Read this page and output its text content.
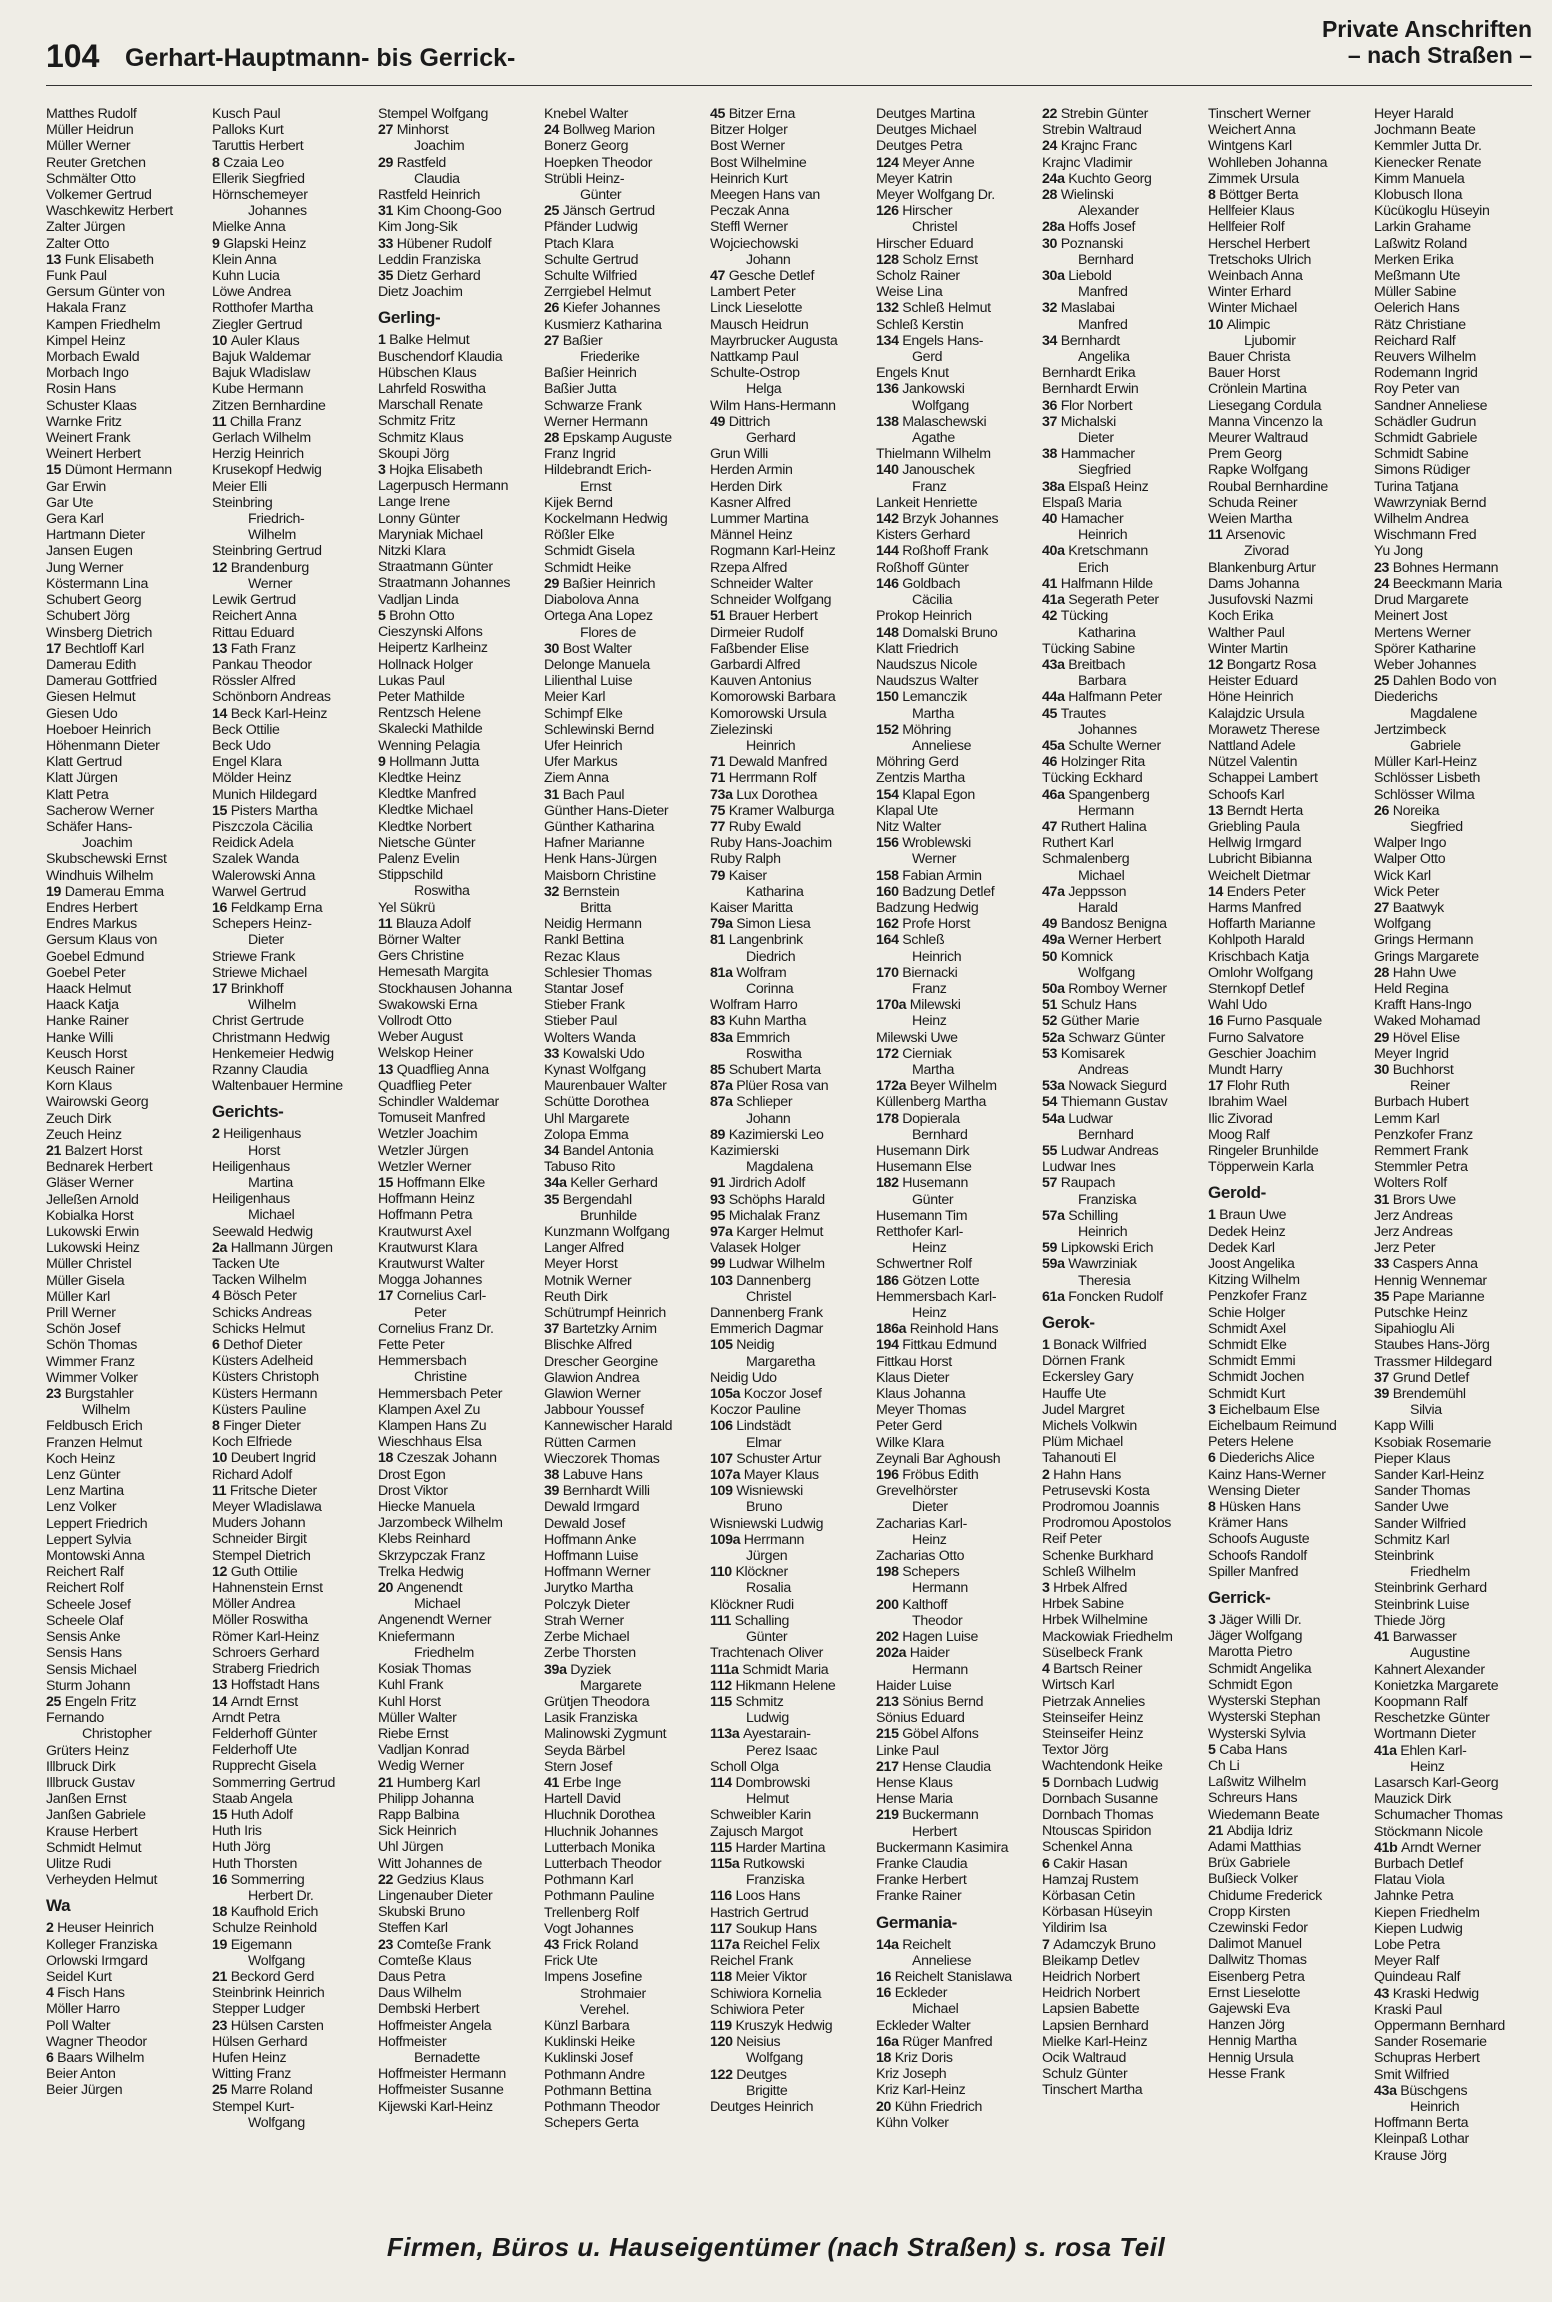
104 Gerhart-Hauptmann- bis Gerrick-
Private Anschriften
– nach Straßen –
Matthes Rudolf
Müller Heidrun
Müller Werner
Reuter Gretchen
Schmälter Otto
Volkemer Gertrud
Waschkewitz Herbert
Zalter Jürgen
Zalter Otto
13 Funk Elisabeth
Funk Paul
Gersum Günter von
Hakala Franz
Kampen Friedhelm
Kimpel Heinz
Morbach Ewald
Morbach Ingo
Rosin Hans
Schuster Klaas
Warnke Fritz
Weinert Frank
Weinert Herbert
15 Dümont Hermann
Gar Erwin
Gar Ute
Gera Karl
Hartmann Dieter
Jansen Eugen
Jung Werner
Köstermann Lina
Schubert Georg
Schubert Jörg
Winsberg Dietrich
17 Bechtloff Karl
Damerau Edith
Damerau Gottfried
Giesen Helmut
Giesen Udo
Hoeboer Heinrich
Höhenmann Dieter
Klatt Gertrud
Klatt Jürgen
Klatt Petra
Sacherow Werner
Schäfer Hans-
Joachim
Skubschewski Ernst
Windhuis Wilhelm
19 Damerau Emma
Endres Herbert
Endres Markus
Gersum Klaus von
Goebel Edmund
Goebel Peter
Haack Helmut
Haack Katja
Hanke Rainer
Hanke Willi
Keusch Horst
Keusch Rainer
Korn Klaus
Wairowski Georg
Zeuch Dirk
Zeuch Heinz
21 Balzert Horst
Bednarek Herbert
Gläser Werner
Jelleßen Arnold
Kobialka Horst
Lukowski Erwin
Lukowski Heinz
Müller Christel
Müller Gisela
Müller Karl
Prill Werner
Schön Josef
Schön Thomas
Wimmer Franz
Wimmer Volker
23 Burgstahler
Wilhelm
Feldbusch Erich
Franzen Helmut
Koch Heinz
Lenz Günter
Lenz Martina
Lenz Volker
Leppert Friedrich
Leppert Sylvia
Montowski Anna
Reichert Ralf
Reichert Rolf
Scheele Josef
Scheele Olaf
Sensis Anke
Sensis Hans
Sensis Michael
Sturm Johann
25 Engeln Fritz
Fernando
Christopher
Grüters Heinz
Illbruck Dirk
Illbruck Gustav
Janßen Ernst
Janßen Gabriele
Krause Herbert
Schmidt Helmut
Ulitze Rudi
Verheyden Helmut
Wa
2 Heuser Heinrich
Kolleger Franziska
Orlowski Irmgard
Seidel Kurt
4 Fisch Hans
Möller Harro
Poll Walter
Wagner Theodor
6 Baars Wilhelm
Beier Anton
Beier Jürgen
Kusch Paul
Palloks Kurt
Taruttis Herbert
8 Czaia Leo
Ellerik Siegfried
Hörnschemeyer
Johannes
Mielke Anna
9 Glapski Heinz
Klein Anna
Kuhn Lucia
Löwe Andrea
Rotthofer Martha
Ziegler Gertrud
10 Auler Klaus
Bajuk Waldemar
Bajuk Wladislaw
Kube Hermann
Zitzen Bernhardine
11 Chilla Franz
Gerlach Wilhelm
Herzig Heinrich
Krusekopf Hedwig
Meier Elli
Steinbring
Friedrich-
Wilhelm
Steinbring Gertrud
12 Brandenburg
Werner
Lewik Gertrud
Reichert Anna
Rittau Eduard
13 Fath Franz
Pankau Theodor
Rössler Alfred
Schönborn Andreas
14 Beck Karl-Heinz
Beck Ottilie
Beck Udo
Engel Klara
Mölder Heinz
Munich Hildegard
15 Pisters Martha
Piszczola Cäcilia
Reidick Adela
Szalek Wanda
Walerowski Anna
Warwel Gertrud
16 Feldkamp Erna
Schepers Heinz-
Dieter
Striewe Frank
Striewe Michael
17 Brinkhoff
Wilhelm
Christ Gertrude
Christmann Hedwig
Henkemeier Hedwig
Rzanny Claudia
Waltenbauer Hermine
Gerichts-
2 Heiligenhaus
Horst
Heiligenhaus
Martina
Heiligenhaus
Michael
Seewald Hedwig
2a Hallmann Jürgen
Tacken Ute
Tacken Wilhelm
4 Bösch Peter
Schicks Andreas
Schicks Helmut
6 Dethof Dieter
Küsters Adelheid
Küsters Christoph
Küsters Hermann
Küsters Pauline
8 Finger Dieter
Koch Elfriede
10 Deubert Ingrid
Richard Adolf
11 Fritsche Dieter
Meyer Wladislawa
Muders Johann
Schneider Birgit
Stempel Dietrich
12 Guth Ottilie
Hahnenstein Ernst
Möller Andrea
Möller Roswitha
Römer Karl-Heinz
Schroers Gerhard
Straberg Friedrich
13 Hoffstadt Hans
14 Arndt Ernst
Arndt Petra
Felderhoff Günter
Felderhoff Ute
Rupprecht Gisela
Sommerring Gertrud
Staab Angela
15 Huth Adolf
Huth Iris
Huth Jörg
Huth Thorsten
16 Sommerring
Herbert Dr.
18 Kaufhold Erich
Schulze Reinhold
19 Eigemann
Wolfgang
21 Beckord Gerd
Steinbrink Heinrich
Stepper Ludger
23 Hülsen Carsten
Hülsen Gerhard
Hufen Heinz
Witting Franz
25 Marre Roland
Stempel Kurt-
Wolfgang
Stempel Wolfgang
27 Minhorst
Joachim
29 Rastfeld
Claudia
Rastfeld Heinrich
31 Kim Choong-Goo
Kim Jong-Sik
33 Hübener Rudolf
Leddin Franziska
35 Dietz Gerhard
Dietz Joachim
Gerling-
1 Balke Helmut
Buschendorf Klaudia
Hübschen Klaus
Lahrfeld Roswitha
Marschall Renate
Schmitz Fritz
Schmitz Klaus
Skoupi Jörg
3 Hojka Elisabeth
Lagerpusch Hermann
Lange Irene
Lonny Günter
Maryniak Michael
Nitzki Klara
Straatmann Günter
Straatmann Johannes
Vadljan Linda
5 Brohn Otto
Cieszynski Alfons
Heipertz Karlheinz
Hollnack Holger
Lukas Paul
Peter Mathilde
Rentzsch Helene
Skalecki Mathilde
Wenning Pelagia
9 Hollmann Jutta
Kledtke Heinz
Kledtke Manfred
Kledtke Michael
Kledtke Norbert
Nietsche Günter
Palenz Evelin
Stippschild
Roswitha
Yel Sükrü
11 Blauza Adolf
Börner Walter
Gers Christine
Hemesath Margita
Stockhausen Johanna
Swakowski Erna
Vollrodt Otto
Weber August
Welskop Heiner
13 Quadflieg Anna
Quadflieg Peter
Schindler Waldemar
Tomuseit Manfred
Wetzler Joachim
Wetzler Jürgen
Wetzler Werner
15 Hoffmann Elke
Hoffmann Heinz
Hoffmann Petra
Krautwurst Axel
Krautwurst Klara
Krautwurst Walter
Mogga Johannes
17 Cornelius Carl-
Peter
Cornelius Franz Dr.
Fette Peter
Hemmersbach
Christine
Hemmersbach Peter
Klampen Axel Zu
Klampen Hans Zu
Wieschhaus Elsa
18 Czeszak Johann
Drost Egon
Drost Viktor
Hiecke Manuela
Jarzombeck Wilhelm
Klebs Reinhard
Skrzypczak Franz
Trelka Hedwig
20 Angenendt
Michael
Angenendt Werner
Kniefermann
Friedhelm
Kosiak Thomas
Kuhl Frank
Kuhl Horst
Müller Walter
Riebe Ernst
Vadljan Konrad
Wedig Werner
21 Humberg Karl
Philipp Johanna
Rapp Balbina
Sick Heinrich
Uhl Jürgen
Witt Johannes de
22 Gedzius Klaus
Lingenauber Dieter
Skubski Bruno
Steffen Karl
23 Comteße Frank
Comteße Klaus
Daus Petra
Daus Wilhelm
Dembski Herbert
Hoffmeister Angela
Hoffmeister
Bernadette
Hoffmeister Hermann
Hoffmeister Susanne
Kijewski Karl-Heinz
Knebel Walter
24 Bollweg Marion
Bonerz Georg
Hoepken Theodor
Strübli Heinz-
Günter
25 Jänsch Gertrud
Pfänder Ludwig
Ptach Klara
Schulte Gertrud
Schulte Wilfried
Zerrgiebel Helmut
26 Kiefer Johannes
Kusmierz Katharina
27 Baßier
Friederike
Baßier Heinrich
Baßier Jutta
Schwarze Frank
Werner Hermann
28 Epskamp Auguste
Franz Ingrid
Hildebrandt Erich-
Ernst
Kijek Bernd
Kockelmann Hedwig
Rößler Elke
Schmidt Gisela
Schmidt Heike
29 Baßier Heinrich
Diabolova Anna
Ortega Ana Lopez
Flores de
30 Bost Walter
Delonge Manuela
Lilienthal Luise
Meier Karl
Schimpf Elke
Schlewinski Bernd
Ufer Heinrich
Ufer Markus
Ziem Anna
31 Bach Paul
Günther Hans-Dieter
Günther Katharina
Hafner Marianne
Henk Hans-Jürgen
Maisborn Christine
32 Bernstein
Britta
Neidig Hermann
Rankl Bettina
Rezac Klaus
Schlesier Thomas
Stantar Josef
Stieber Frank
Stieber Paul
Wolters Wanda
33 Kowalski Udo
Kynast Wolfgang
Maurenbauer Walter
Schütte Dorothea
Uhl Margarete
Zolopa Emma
34 Bandel Antonia
Tabuso Rito
34a Keller Gerhard
35 Bergendahl
Brunhilde
Kunzmann Wolfgang
Langer Alfred
Meyer Horst
Motnik Werner
Reuth Dirk
Schütrumpf Heinrich
37 Bartetzky Arnim
Blischke Alfred
Drescher Georgine
Glawion Andrea
Glawion Werner
Jabbour Youssef
Kannewischer Harald
Rütten Carmen
Wieczorek Thomas
38 Labuve Hans
39 Bernhardt Willi
Dewald Irmgard
Dewald Josef
Hoffmann Anke
Hoffmann Luise
Hoffmann Werner
Jurytko Martha
Polczyk Dieter
Strah Werner
Zerbe Michael
Zerbe Thorsten
39a Dyziek
Margarete
Grütjen Theodora
Lasik Franziska
Malinowski Zygmunt
Seyda Bärbel
Stern Josef
41 Erbe Inge
Hartell David
Hluchnik Dorothea
Hluchnik Johannes
Lutterbach Monika
Lutterbach Theodor
Pothmann Karl
Pothmann Pauline
Trellenberg Rolf
Vogt Johannes
43 Frick Roland
Frick Ute
Impens Josefine
Strohmaier
Verehel.
Künzl Barbara
Kuklinski Heike
Kuklinski Josef
Pothmann Andre
Pothmann Bettina
Pothmann Theodor
Schepers Gerta
45 Bitzer Erna
Bitzer Holger
Bost Werner
Bost Wilhelmine
Heinrich Kurt
Meegen Hans van
Peczak Anna
Steffl Werner
Wojciechowski
Johann
47 Gesche Detlef
Lambert Peter
Linck Lieselotte
Mausch Heidrun
Mayrbrucker Augusta
Nattkamp Paul
Schulte-Ostrop
Helga
Wilm Hans-Hermann
49 Dittrich
Gerhard
Grun Willi
Herden Armin
Herden Dirk
Kasner Alfred
Lummer Martina
Männel Heinz
Rogmann Karl-Heinz
Rzepa Alfred
Schneider Walter
Schneider Wolfgang
51 Brauer Herbert
Dirmeier Rudolf
Faßbender Elise
Garbardi Alfred
Kauven Antonius
Komorowski Barbara
Komorowski Ursula
Zielezinski
Heinrich
71 Dewald Manfred
71 Herrmann Rolf
73a Lux Dorothea
75 Kramer Walburga
77 Ruby Ewald
Ruby Hans-Joachim
Ruby Ralph
79 Kaiser
Katharina
Kaiser Maritta
79a Simon Liesa
81 Langenbrink
Diedrich
81a Wolfram
Corinna
Wolfram Harro
83 Kuhn Martha
83a Emmrich
Roswitha
85 Schubert Marta
87a Plüer Rosa van
87a Schlieper
Johann
89 Kazimierski Leo
Kazimierski
Magdalena
91 Jirdrich Adolf
93 Schöphs Harald
95 Michalak Franz
97a Karger Helmut
Valasek Holger
99 Ludwar Wilhelm
103 Dannenberg
Christel
Dannenberg Frank
Emmerich Dagmar
105 Neidig
Margaretha
Neidig Udo
105a Koczor Josef
Koczor Pauline
106 Lindstädt
Elmar
107 Schuster Artur
107a Mayer Klaus
109 Wisniewski
Bruno
Wisniewski Ludwig
109a Herrmann
Jürgen
110 Klöckner
Rosalia
Klöckner Rudi
111 Schalling
Günter
Trachtenach Oliver
111a Schmidt Maria
112 Hikmann Helene
115 Schmitz
Ludwig
113a Ayestarain-
Perez Isaac
Scholl Olga
114 Dombrowski
Helmut
Schweibler Karin
Zajusch Margot
115 Harder Martina
115a Rutkowski
Franziska
116 Loos Hans
Hastrich Gertrud
117 Soukup Hans
117a Reichel Felix
Reichel Frank
118 Meier Viktor
Schiwiora Kornelia
Schiwiora Peter
119 Kruszyk Hedwig
120 Neisius
Wolfgang
122 Deutges
Brigitte
Deutges Heinrich
Deutges Martina
Deutges Michael
Deutges Petra
124 Meyer Anne
Meyer Katrin
Meyer Wolfgang Dr.
126 Hirscher
Christel
Hirscher Eduard
128 Scholz Ernst
Scholz Rainer
Weise Lina
132 Schleß Helmut
Schleß Kerstin
134 Engels Hans-
Gerd
Engels Knut
136 Jankowski
Wolfgang
138 Malaschewski
Agathe
Thielmann Wilhelm
140 Janouschek
Franz
Lankeit Henriette
142 Brzyk Johannes
Kisters Gerhard
144 Roßhoff Frank
Roßhoff Günter
146 Goldbach
Cäcilia
Prokop Heinrich
148 Domalski Bruno
Klatt Friedrich
Naudszus Nicole
Naudszus Walter
150 Lemanczik
Martha
152 Möhring
Anneliese
Möhring Gerd
Zentzis Martha
154 Klapal Egon
Klapal Ute
Nitz Walter
156 Wroblewski
Werner
158 Fabian Armin
160 Badzung Detlef
Badzung Hedwig
162 Profe Horst
164 Schleß
Heinrich
170 Biernacki
Franz
170a Milewski
Heinz
Milewski Uwe
172 Cierniak
Martha
172a Beyer Wilhelm
Küllenberg Martha
178 Dopierala
Bernhard
Husemann Dirk
Husemann Else
182 Husemann
Günter
Husemann Tim
Retthofer Karl-
Heinz
Schwertner Rolf
186 Götzen Lotte
Hemmersbach Karl-
Heinz
186a Reinhold Hans
194 Fittkau Edmund
Fittkau Horst
Klaus Dieter
Klaus Johanna
Meyer Thomas
Peter Gerd
Wilke Klara
Zeynali Bar Aghoush
196 Fröbus Edith
Grevelhörster
Dieter
Zacharias Karl-
Heinz
Zacharias Otto
198 Schepers
Hermann
200 Kalthoff
Theodor
202 Hagen Luise
202a Haider
Hermann
Haider Luise
213 Sönius Bernd
Sönius Eduard
215 Göbel Alfons
Linke Paul
217 Hense Claudia
Hense Klaus
Hense Maria
219 Buckermann
Herbert
Buckermann Kasimira
Franke Claudia
Franke Herbert
Franke Rainer
Germania-
14a Reichelt
Anneliese
16 Reichelt Stanislawa
16 Eckleder
Michael
Eckleder Walter
16a Rüger Manfred
18 Kriz Doris
Kriz Joseph
Kriz Karl-Heinz
20 Kühn Friedrich
Kühn Volker
22 Strebin Günter
Strebin Waltraud
24 Krajnc Franc
Krajnc Vladimir
24a Kuchto Georg
28 Wielinski
Alexander
28a Hoffs Josef
30 Poznanski
Bernhard
30a Liebold
Manfred
32 Maslabai
Manfred
34 Bernhardt
Angelika
Bernhardt Erika
Bernhardt Erwin
36 Flor Norbert
37 Michalski
Dieter
38 Hammacher
Siegfried
38a Elspaß Heinz
Elspaß Maria
40 Hamacher
Heinrich
40a Kretschmann
Erich
41 Halfmann Hilde
41a Segerath Peter
42 Tücking
Katharina
Tücking Sabine
43a Breitbach
Barbara
44a Halfmann Peter
45 Trautes
Johannes
45a Schulte Werner
46 Holzinger Rita
Tücking Eckhard
46a Spangenberg
Hermann
47 Ruthert Halina
Ruthert Karl
Schmalenberg
Michael
47a Jeppsson
Harald
49 Bandosz Benigna
49a Werner Herbert
50 Komnick
Wolfgang
50a Romboy Werner
51 Schulz Hans
52 Güther Marie
52a Schwarz Günter
53 Komisarek
Andreas
53a Nowack Siegurd
54 Thiemann Gustav
54a Ludwar
Bernhard
55 Ludwar Andreas
Ludwar Ines
57 Raupach
Franziska
57a Schilling
Heinrich
59 Lipkowski Erich
59a Wawrziniak
Theresia
61a Foncken Rudolf
Gerok-
1 Bonack Wilfried
Dörnen Frank
Eckersley Gary
Hauffe Ute
Judel Margret
Michels Volkwin
Plüm Michael
Tahanouti El
2 Hahn Hans
Petrusevski Kosta
Prodromou Joannis
Prodromou Apostolos
Reif Peter
Schenke Burkhard
Schleß Wilhelm
3 Hrbek Alfred
Hrbek Sabine
Hrbek Wilhelmine
Mackowiak Friedhelm
Süselbeck Frank
4 Bartsch Reiner
Wirtsch Karl
Pietrzak Annelies
Steinseifer Heinz
Steinseifer Heinz
Textor Jörg
Wachtendonk Heike
5 Dornbach Ludwig
Dornbach Susanne
Dornbach Thomas
Ntouscas Spiridon
Schenkel Anna
6 Cakir Hasan
Hamzaj Rustem
Körbasan Cetin
Körbasan Hüseyin
Yildirim Isa
7 Adamczyk Bruno
Bleikamp Detlev
Heidrich Norbert
Heidrich Norbert
Lapsien Babette
Lapsien Bernhard
Mielke Karl-Heinz
Ocik Waltraud
Schulz Günter
Tinschert Martha
Tinschert Werner
Weichert Anna
Wintgens Karl
Wohlleben Johanna
Zimmek Ursula
8 Böttger Berta
Hellfeier Klaus
Hellfeier Rolf
Herschel Herbert
Tretschoks Ulrich
Weinbach Anna
Winter Erhard
Winter Michael
10 Alimpic
Ljubomir
Bauer Christa
Bauer Horst
Crönlein Martina
Liesegang Cordula
Manna Vincenzo la
Meurer Waltraud
Prem Georg
Rapke Wolfgang
Roubal Bernhardine
Schuda Reiner
Weien Martha
11 Arsenovic
Zivorad
Blankenburg Artur
Dams Johanna
Jusufovski Nazmi
Koch Erika
Walther Paul
Winter Martin
12 Bongartz Rosa
Heister Eduard
Höne Heinrich
Kalajdzic Ursula
Morawetz Therese
Nattland Adele
Nützel Valentin
Schappei Lambert
Schoofs Karl
13 Berndt Herta
Griebling Paula
Hellwig Irmgard
Lubricht Bibianna
Weichelt Dietmar
14 Enders Peter
Harms Manfred
Hoffarth Marianne
Kohlpoth Harald
Krischbach Katja
Omlohr Wolfgang
Sternkopf Detlef
Wahl Udo
16 Furno Pasquale
Furno Salvatore
Geschier Joachim
Mundt Harry
17 Flohr Ruth
Ibrahim Wael
Ilic Zivorad
Moog Ralf
Ringeler Brunhilde
Töpperwein Karla
Gerold-
1 Braun Uwe
Dedek Heinz
Dedek Karl
Joost Angelika
Kitzing Wilhelm
Penzkofer Franz
Schie Holger
Schmidt Axel
Schmidt Elke
Schmidt Emmi
Schmidt Jochen
Schmidt Kurt
3 Eichelbaum Else
Eichelbaum Reimund
Peters Helene
6 Diederichs Alice
Kainz Hans-Werner
Wensing Dieter
8 Hüsken Hans
Krämer Hans
Schoofs Auguste
Schoofs Randolf
Spiller Manfred
Gerrick-
3 Jäger Willi Dr.
Jäger Wolfgang
Marotta Pietro
Schmidt Angelika
Schmidt Egon
Wysterski Stephan
Wysterski Stephan
Wysterski Sylvia
5 Caba Hans
Ch Li
Laßwitz Wilhelm
Schreurs Hans
Wiedemann Beate
21 Abdija Idriz
Adami Matthias
Brüx Gabriele
Bußieck Volker
Chidume Frederick
Cropp Kirsten
Czewinski Fedor
Dalimot Manuel
Dallwitz Thomas
Eisenberg Petra
Ernst Lieselotte
Gajewski Eva
Hanzen Jörg
Hennig Martha
Hennig Ursula
Hesse Frank
Heyer Harald
Jochmann Beate
Kemmler Jutta Dr.
Kienecker Renate
Kimm Manuela
Klobusch Ilona
Kücükoglu Hüseyin
Larkin Grahame
Laßwitz Roland
Merken Erika
Meßmann Ute
Müller Sabine
Oelerich Hans
Rätz Christiane
Reichard Ralf
Reuvers Wilhelm
Rodemann Ingrid
Roy Peter van
Sandner Anneliese
Schädler Gudrun
Schmidt Gabriele
Schmidt Sabine
Simons Rüdiger
Turina Tatjana
Wawrzyniak Bernd
Wilhelm Andrea
Wischmann Fred
Yu Jong
23 Bohnes Hermann
24 Beeckmann Maria
Drud Margarete
Meinert Jost
Mertens Werner
Spörer Katharine
Weber Johannes
25 Dahlen Bodo von
Diederichs
Magdalene
Jertzimbeck
Gabriele
Müller Karl-Heinz
Schlösser Lisbeth
Schlösser Wilma
26 Noreika
Siegfried
Walper Ingo
Walper Otto
Wick Karl
Wick Peter
27 Baatwyk
Wolfgang
Grings Hermann
Grings Margarete
28 Hahn Uwe
Held Regina
Krafft Hans-Ingo
Waked Mohamad
29 Hövel Elise
Meyer Ingrid
30 Buchhorst
Reiner
Burbach Hubert
Lemm Karl
Penzkofer Franz
Remmert Frank
Stemmler Petra
Wolters Rolf
31 Brors Uwe
Jerz Andreas
Jerz Andreas
Jerz Peter
33 Caspers Anna
Hennig Wennemar
35 Pape Marianne
Putschke Heinz
Sipahioglu Ali
Staubes Hans-Jörg
Trassmer Hildegard
37 Grund Detlef
39 Brendemühl
Silvia
Kapp Willi
Ksobiak Rosemarie
Pieper Klaus
Sander Karl-Heinz
Sander Thomas
Sander Uwe
Sander Wilfried
Schmitz Karl
Steinbrink
Friedhelm
Steinbrink Gerhard
Steinbrink Luise
Thiede Jörg
41 Barwasser
Augustine
Kahnert Alexander
Konietzka Margarete
Koopmann Ralf
Reschetzke Günter
Wortmann Dieter
41a Ehlen Karl-
Heinz
Lasarsch Karl-Georg
Mauzick Dirk
Schumacher Thomas
Stöckmann Nicole
41b Arndt Werner
Burbach Detlef
Flatau Viola
Jahnke Petra
Kiepen Friedhelm
Kiepen Ludwig
Lobe Petra
Meyer Ralf
Quindeau Ralf
43 Kraski Hedwig
Kraski Paul
Oppermann Bernhard
Sander Rosemarie
Schupras Herbert
Smit Wilfried
43a Büschgens
Heinrich
Hoffmann Berta
Kleinpaß Lothar
Krause Jörg
Firmen, Büros u. Hauseigentümer (nach Straßen) s. rosa Teil
